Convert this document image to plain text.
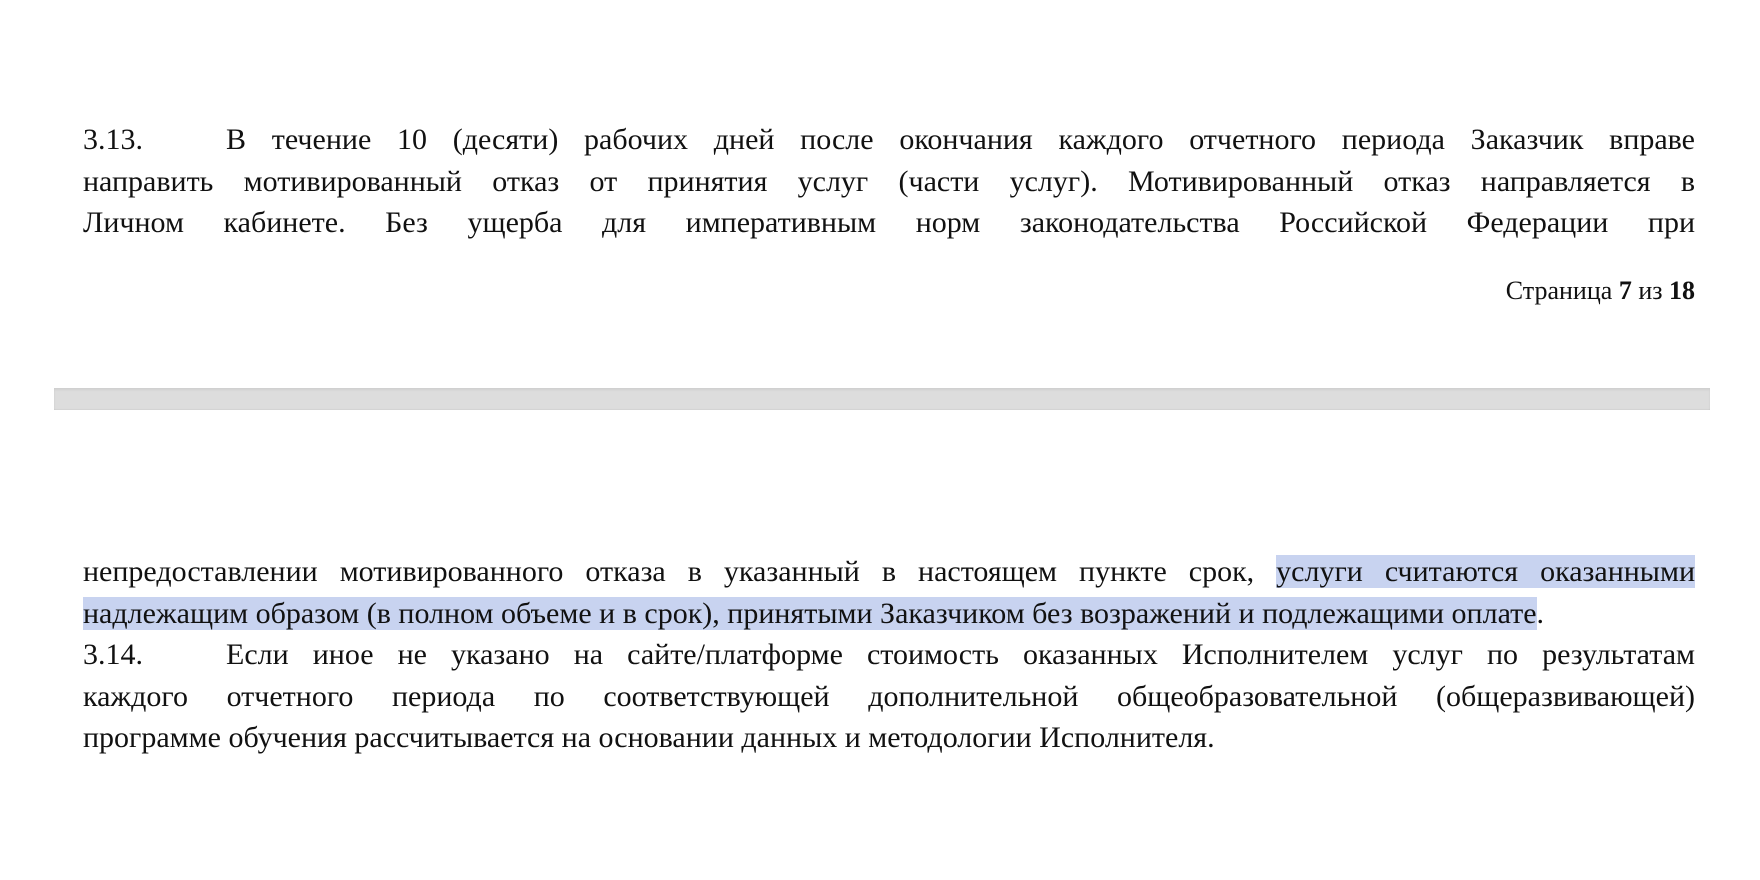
3.13.	В течение 10 (десяти) рабочих дней после окончания каждого отчетного периода Заказчик вправе
направить мотивированный отказ от принятия услуг (части услуг). Мотивированный отказ направляется в
Личном кабинете. Без ущерба для императивным норм законодательства Российской Федерации при
Страница 7 из 18
непредоставлении мотивированного отказа в указанный в настоящем пункте срок, услуги считаются оказанными
надлежащим образом (в полном объеме и в срок), принятыми Заказчиком без возражений и подлежащими оплате.
3.14.	Если иное не указано на сайте/платформе стоимость оказанных Исполнителем услуг по результатам
каждого отчетного периода по соответствующей дополнительной общеобразовательной (общеразвивающей)
программе обучения рассчитывается на основании данных и методологии Исполнителя.
